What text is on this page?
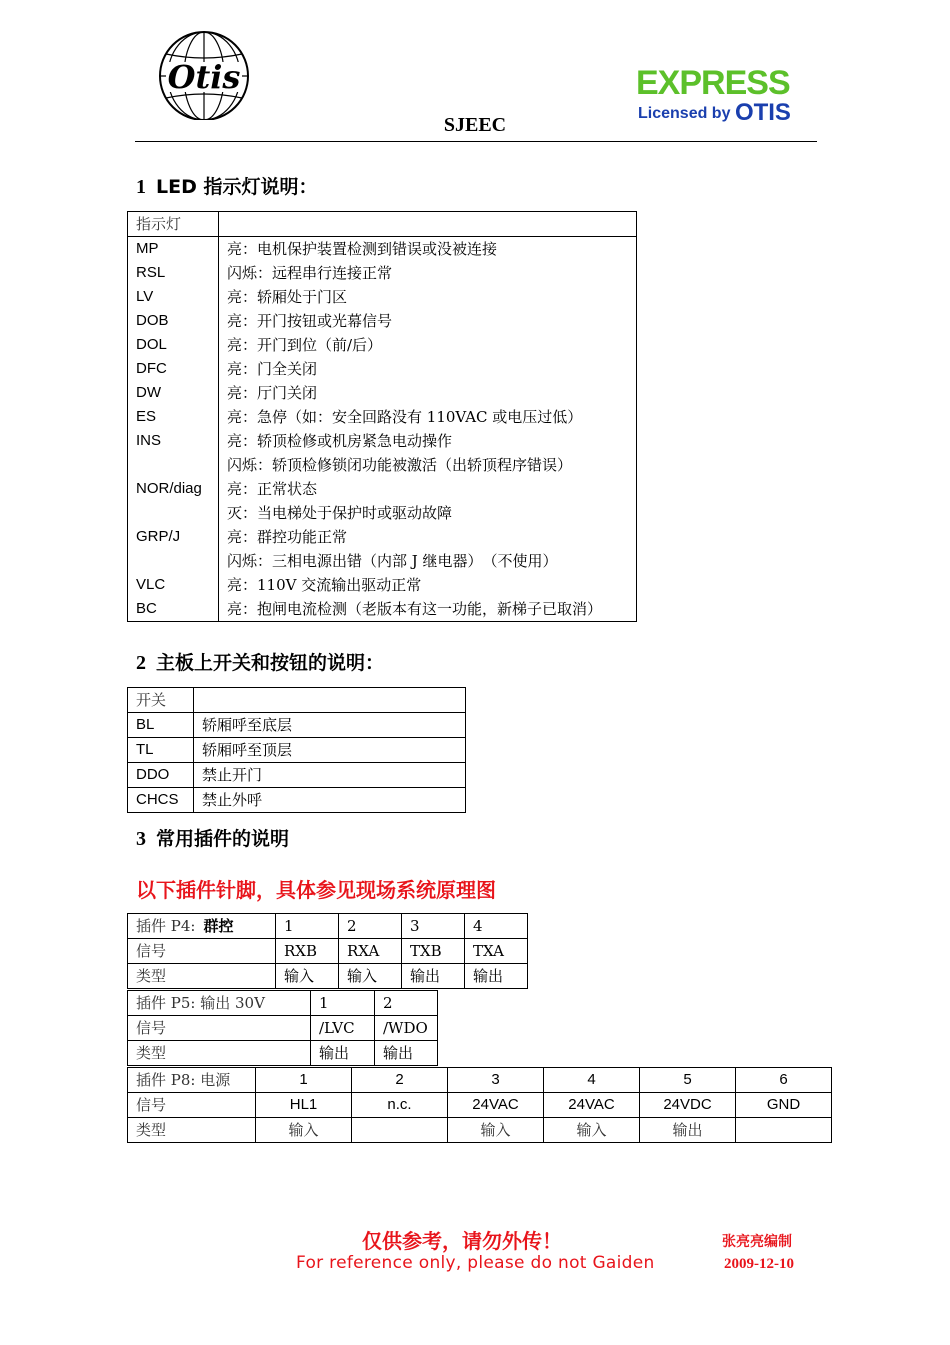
Otis
SJEEC
EXPRESS
Licensed by OTIS
1 LED 指示灯说明：
指示灯	
MP	亮：电机保护装置检测到错误或没被连接
RSL	闪烁：远程串行连接正常
LV	亮：轿厢处于门区
DOB	亮：开门按钮或光幕信号
DOL	亮：开门到位（前/后）
DFC	亮：门全关闭
DW	亮：厅门关闭
ES	亮：急停（如：安全回路没有 110VAC 或电压过低）
INS	亮：轿顶检修或机房紧急电动操作
	闪烁：轿顶检修锁闭功能被激活（出轿顶程序错误）
NOR/diag	亮：正常状态
	灭：当电梯处于保护时或驱动故障
GRP/J	亮：群控功能正常
	闪烁：三相电源出错（内部 J 继电器）　（不使用）
VLC	亮：110V 交流输出驱动正常
BC	亮：抱闸电流检测（老版本有这一功能，新梯子已取消）
2 主板上开关和按钮的说明：
开关	
BL	轿厢呼至底层
TL	轿厢呼至顶层
DDO	禁止开门
CHCS	禁止外呼
3 常用插件的说明
以下插件针脚，具体参见现场系统原理图
插件 P4: 群控	1	2	3	4
信号	RXB	RXA	TXB	TXA
类型	输入	输入	输出	输出
插件 P5: 输出 30V	1	2
信号	/LVC	/WDO
类型	输出	输出
插件 P8: 电源	1	2	3	4	5	6
信号	HL1	n.c.	24VAC	24VAC	24VDC	GND
类型	输入		输入	输入	输出	
仅供参考，请勿外传！
For reference only, please do not Gaiden
张亮亮编制
2009-12-10
